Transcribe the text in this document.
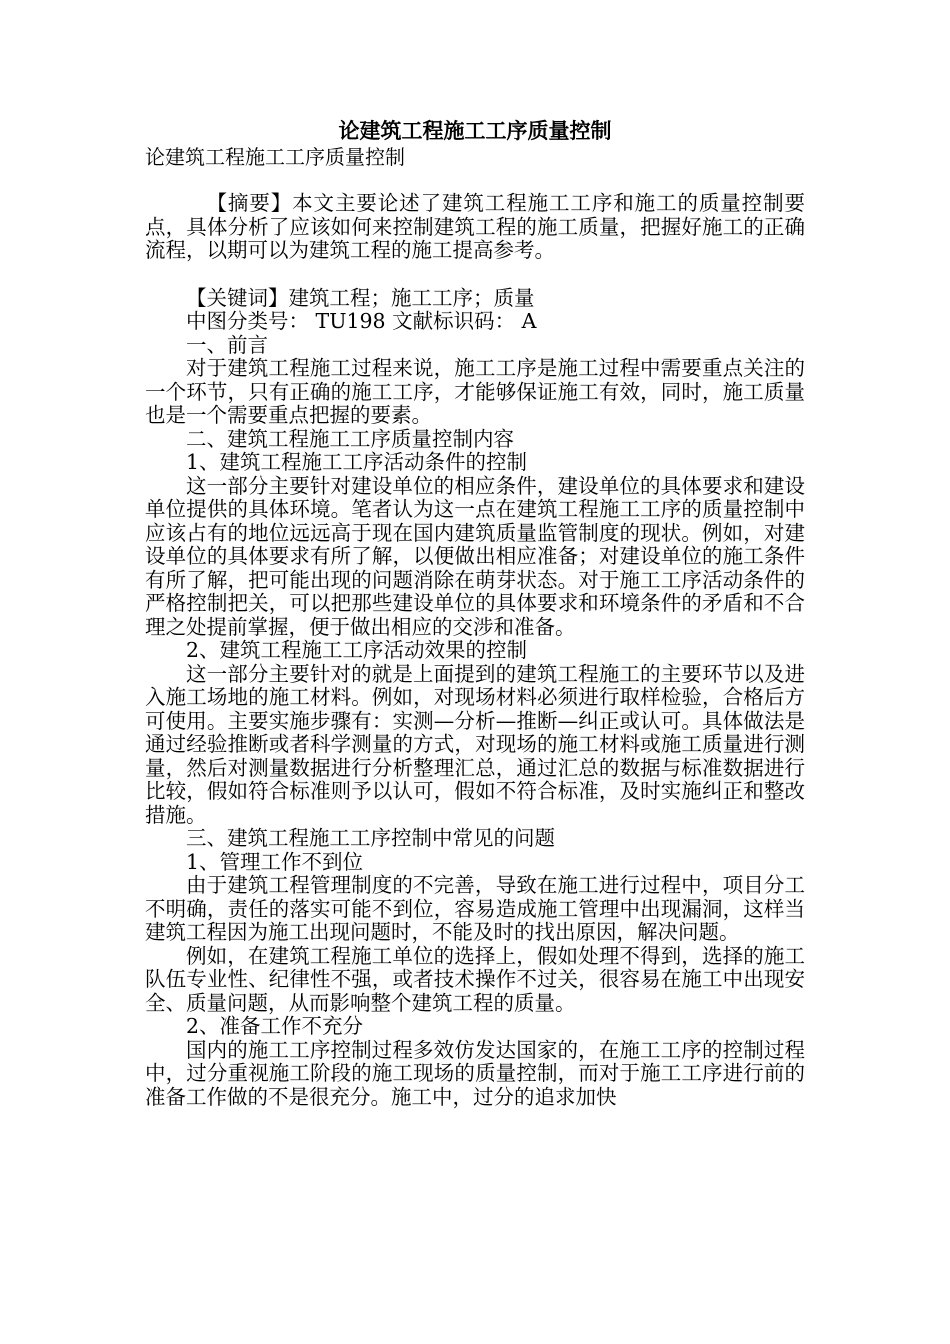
论建筑工程施工工序质量控制
论建筑工程施工工序质量控制

【摘要】本文主要论述了建筑工程施工工序和施工的质量控制要点，具体分析了应该如何来控制建筑工程的施工质量，把握好施工的正确流程，以期可以为建筑工程的施工提高参考。

【关键词】建筑工程；施工工序；质量

中图分类号： TU198 文献标识码： A

一、前言

对于建筑工程施工过程来说，施工工序是施工过程中需要重点关注的一个环节，只有正确的施工工序，才能够保证施工有效，同时，施工质量也是一个需要重点把握的要素。

二、建筑工程施工工序质量控制内容

1、建筑工程施工工序活动条件的控制

这一部分主要针对建设单位的相应条件，建设单位的具体要求和建设单位提供的具体环境。笔者认为这一点在建筑工程施工工序的质量控制中应该占有的地位远远高于现在国内建筑质量监管制度的现状。例如，对建设单位的具体要求有所了解，以便做出相应准备；对建设单位的施工条件有所了解，把可能出现的问题消除在萌芽状态。对于施工工序活动条件的严格控制把关，可以把那些建设单位的具体要求和环境条件的矛盾和不合理之处提前掌握，便于做出相应的交涉和准备。

2、建筑工程施工工序活动效果的控制

这一部分主要针对的就是上面提到的建筑工程施工的主要环节以及进入施工场地的施工材料。例如，对现场材料必须进行取样检验，合格后方可使用。主要实施步骤有：实测—分析—推断—纠正或认可。具体做法是通过经验推断或者科学测量的方式，对现场的施工材料或施工质量进行测量，然后对测量数据进行分析整理汇总，通过汇总的数据与标准数据进行比较，假如符合标准则予以认可，假如不符合标准，及时实施纠正和整改措施。

三、建筑工程施工工序控制中常见的问题

1、管理工作不到位

由于建筑工程管理制度的不完善，导致在施工进行过程中，项目分工不明确，责任的落实可能不到位，容易造成施工管理中出现漏洞，这样当建筑工程因为施工出现问题时，不能及时的找出原因，解决问题。

例如，在建筑工程施工单位的选择上，假如处理不得到，选择的施工队伍专业性、纪律性不强，或者技术操作不过关，很容易在施工中出现安全、质量问题，从而影响整个建筑工程的质量。

2、准备工作不充分

国内的施工工序控制过程多效仿发达国家的，在施工工序的控制过程中，过分重视施工阶段的施工现场的质量控制，而对于施工工序进行前的准备工作做的不是很充分。施工中，过分的追求加快
